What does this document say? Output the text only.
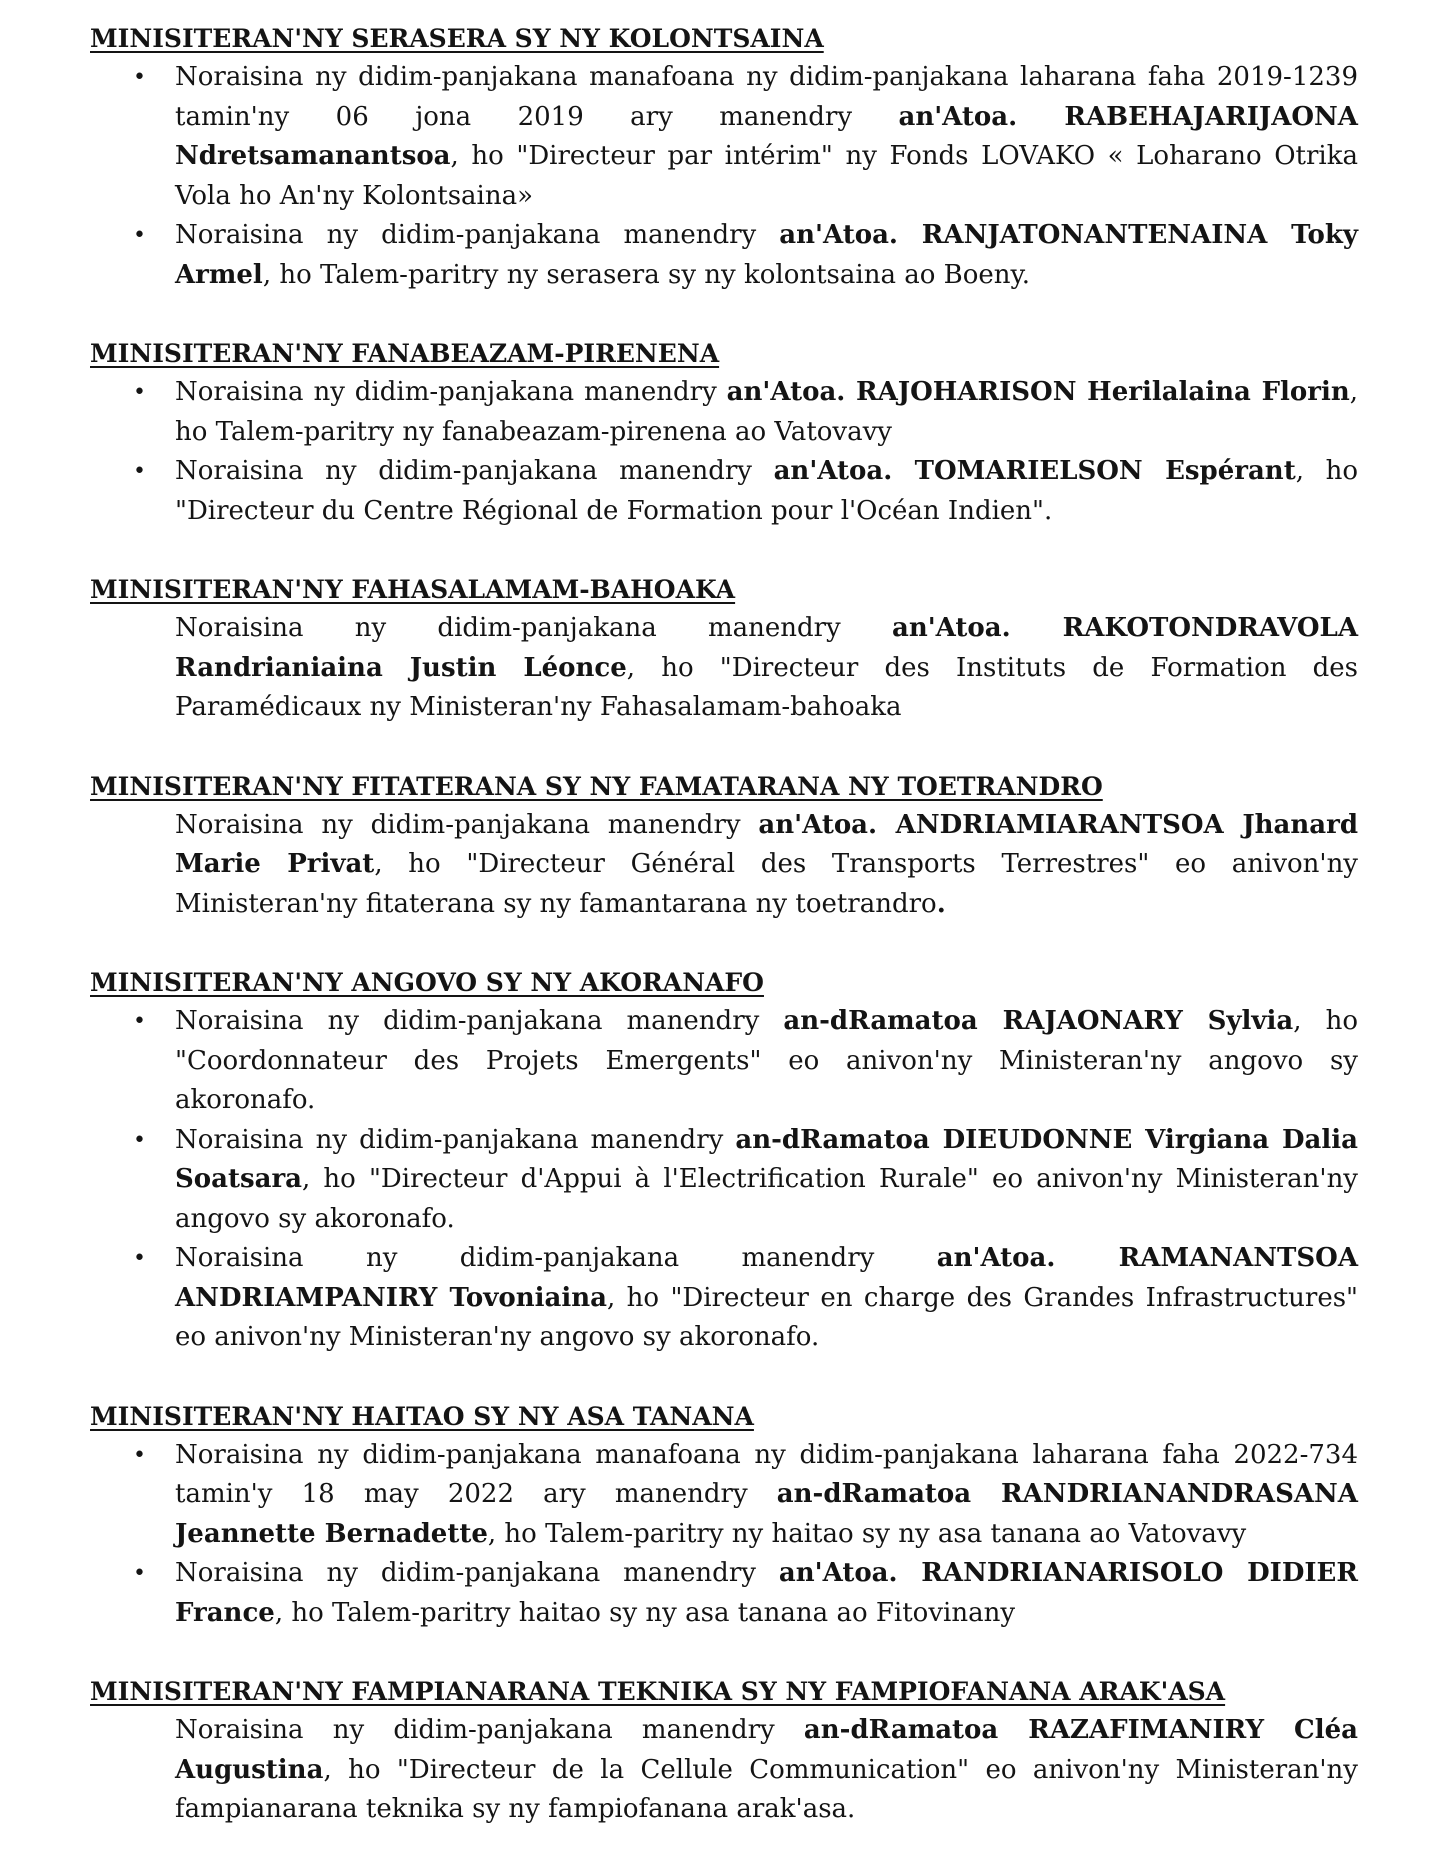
MINISITERAN'NY SERASERA SY NY KOLONTSAINA

• Noraisina ny didim-panjakana manafoana ny didim-panjakana laharana faha 2019-1239 tamin'ny 06 jona 2019 ary manendry an'Atoa. RABEHAJARIJAONA Ndretsamanantsoa, ho "Directeur par intérim" ny Fonds LOVAKO « Loharano Otrika Vola ho An'ny Kolontsaina»

• Noraisina ny didim-panjakana manendry an'Atoa. RANJATONANTENAINA Toky Armel, ho Talem-paritry ny serasera sy ny kolontsaina ao Boeny.

MINISITERAN'NY FANABEAZAM-PIRENENA

• Noraisina ny didim-panjakana manendry an'Atoa. RAJOHARISON Herilalaina Florin, ho Talem-paritry ny fanabeazam-pirenena ao Vatovavy

• Noraisina ny didim-panjakana manendry an'Atoa. TOMARIELSON Espérant, ho "Directeur du Centre Régional de Formation pour l'Océan Indien".

MINISITERAN'NY FAHASALAMAM-BAHOAKA

Noraisina ny didim-panjakana manendry an'Atoa. RAKOTONDRAVOLA Randrianiaina Justin Léonce, ho "Directeur des Instituts de Formation des Paramédicaux ny Ministeran'ny Fahasalamam-bahoaka

MINISITERAN'NY FITATERANA SY NY FAMATARANA NY TOETRANDRO

Noraisina ny didim-panjakana manendry an'Atoa. ANDRIAMIARANTSOA Jhanard Marie Privat, ho "Directeur Général des Transports Terrestres" eo anivon'ny Ministeran'ny fitaterana sy ny famantarana ny toetrandro.

MINISITERAN'NY ANGOVO SY NY AKORANAFO

• Noraisina ny didim-panjakana manendry an-dRamatoa RAJAONARY Sylvia, ho "Coordonnateur des Projets Emergents" eo anivon'ny Ministeran'ny angovo sy akoronafo.

• Noraisina ny didim-panjakana manendry an-dRamatoa DIEUDONNE Virgiana Dalia Soatsara, ho "Directeur d'Appui à l'Electrification Rurale" eo anivon'ny Ministeran'ny angovo sy akoronafo.

• Noraisina ny didim-panjakana manendry an'Atoa. RAMANANTSOA ANDRIAMPANIRY Tovoniaina, ho "Directeur en charge des Grandes Infrastructures" eo anivon'ny Ministeran'ny angovo sy akoronafo.

MINISITERAN'NY HAITAO SY NY ASA TANANA

• Noraisina ny didim-panjakana manafoana ny didim-panjakana laharana faha 2022-734 tamin'y 18 may 2022 ary manendry an-dRamatoa RANDRIANANDRASANA Jeannette Bernadette, ho Talem-paritry ny haitao sy ny asa tanana ao Vatovavy

• Noraisina ny didim-panjakana manendry an'Atoa. RANDRIANARISOLO DIDIER France, ho Talem-paritry haitao sy ny asa tanana ao Fitovinany

MINISITERAN'NY FAMPIANARANA TEKNIKA SY NY FAMPIOFANANA ARAK'ASA

Noraisina ny didim-panjakana manendry an-dRamatoa RAZAFIMANIRY Cléa Augustina, ho "Directeur de la Cellule Communication" eo anivon'ny Ministeran'ny fampianarana teknika sy ny fampiofanana arak'asa.
